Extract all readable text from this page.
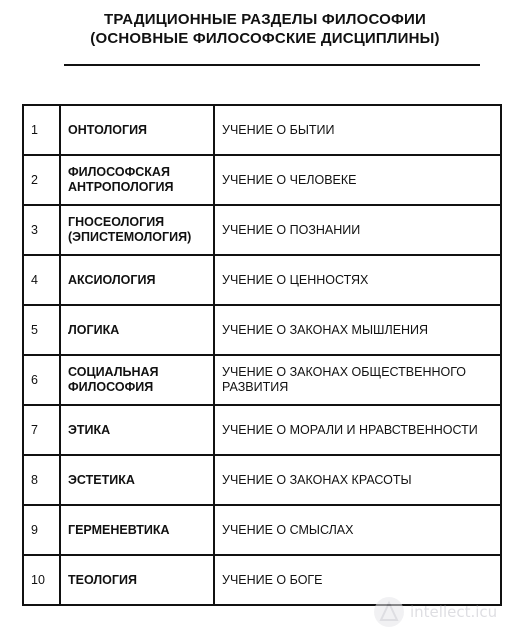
ТРАДИЦИОННЫЕ РАЗДЕЛЫ ФИЛОСОФИИ
(ОСНОВНЫЕ ФИЛОСОФСКИЕ ДИСЦИПЛИНЫ)
1	ОНТОЛОГИЯ	УЧЕНИЕ О БЫТИИ
2	ФИЛОСОФСКАЯ АНТРОПОЛОГИЯ	УЧЕНИЕ О ЧЕЛОВЕКЕ
3	ГНОСЕОЛОГИЯ (ЭПИСТЕМОЛОГИЯ)	УЧЕНИЕ О ПОЗНАНИИ
4	АКСИОЛОГИЯ	УЧЕНИЕ О ЦЕННОСТЯХ
5	ЛОГИКА	УЧЕНИЕ О ЗАКОНАХ МЫШЛЕНИЯ
6	СОЦИАЛЬНАЯ ФИЛОСОФИЯ	УЧЕНИЕ О ЗАКОНАХ ОБЩЕСТВЕННОГО РАЗВИТИЯ
7	ЭТИКА	УЧЕНИЕ О МОРАЛИ И НРАВСТВЕННОСТИ
8	ЭСТЕТИКА	УЧЕНИЕ О ЗАКОНАХ КРАСОТЫ
9	ГЕРМЕНЕВТИКА	УЧЕНИЕ О СМЫСЛАХ
10	ТЕОЛОГИЯ	УЧЕНИЕ О БОГЕ
intellect.icu
